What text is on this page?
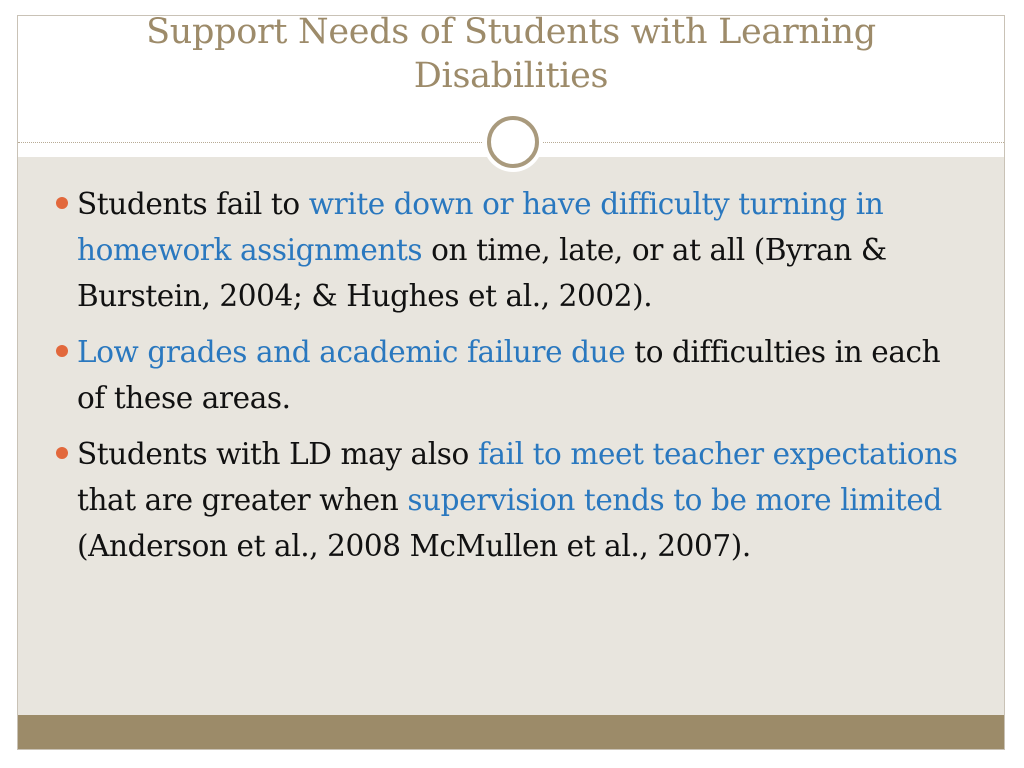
Support Needs of Students with Learning Disabilities
Students fail to write down or have difficulty turning in homework assignments on time, late, or at all (Byran & Burstein, 2004; & Hughes et al., 2002).
Low grades and academic failure due to difficulties in each of these areas.
Students with LD may also fail to meet teacher expectations that are greater when supervision tends to be more limited (Anderson et al., 2008 McMullen et al., 2007).
